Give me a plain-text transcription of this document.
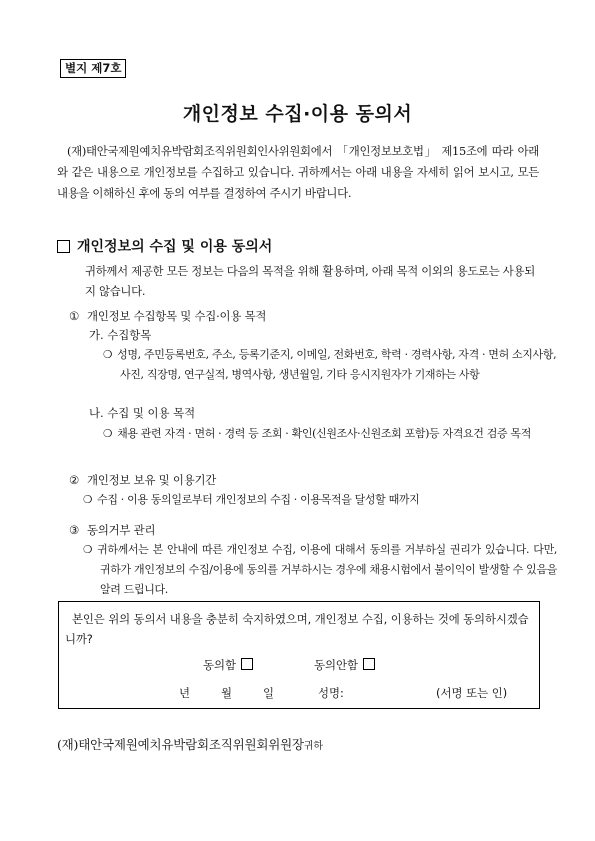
별지 제7호
개인정보 수집·이용 동의서
(재)태안국제원예치유박람회조직위원회인사위원회에서 「개인정보보호법」 제15조에 따라 아래와 같은 내용으로 개인정보를 수집하고 있습니다. 귀하께서는 아래 내용을 자세히 읽어 보시고, 모든 내용을 이해하신 후에 동의 여부를 결정하여 주시기 바랍니다.
개인정보의 수집 및 이용 동의서
귀하께서 제공한 모든 정보는 다음의 목적을 위해 활용하며, 아래 목적 이외의 용도로는 사용되지 않습니다.
① 개인정보 수집항목 및 수집·이용 목적
가. 수집항목
❍ 성명, 주민등록번호, 주소, 등록기준지, 이메일, 전화번호, 학력 · 경력사항, 자격 · 면허 소지사항, 사진, 직장명, 연구실적, 병역사항, 생년월일, 기타 응시지원자가 기재하는 사항
나. 수집 및 이용 목적
❍ 채용 관련 자격 · 면허 · 경력 등 조회 · 확인(신원조사·신원조회 포함)등 자격요건 검증 목적
② 개인정보 보유 및 이용기간
❍ 수집 · 이용 동의일로부터 개인정보의 수집 · 이용목적을 달성할 때까지
③ 동의거부 관리
❍ 귀하께서는 본 안내에 따른 개인정보 수집, 이용에 대해서 동의를 거부하실 권리가 있습니다. 다만, 귀하가 개인정보의 수집/이용에 동의를 거부하시는 경우에 채용시험에서 불이익이 발생할 수 있음을 알려 드립니다.
본인은 위의 동의서 내용을 충분히 숙지하였으며, 개인정보 수집, 이용하는 것에 동의하시겠습니까?
동의함	동의안함
년	월	일	성명:	(서명 또는 인)
(재)태안국제원예치유박람회조직위원회위원장귀하
